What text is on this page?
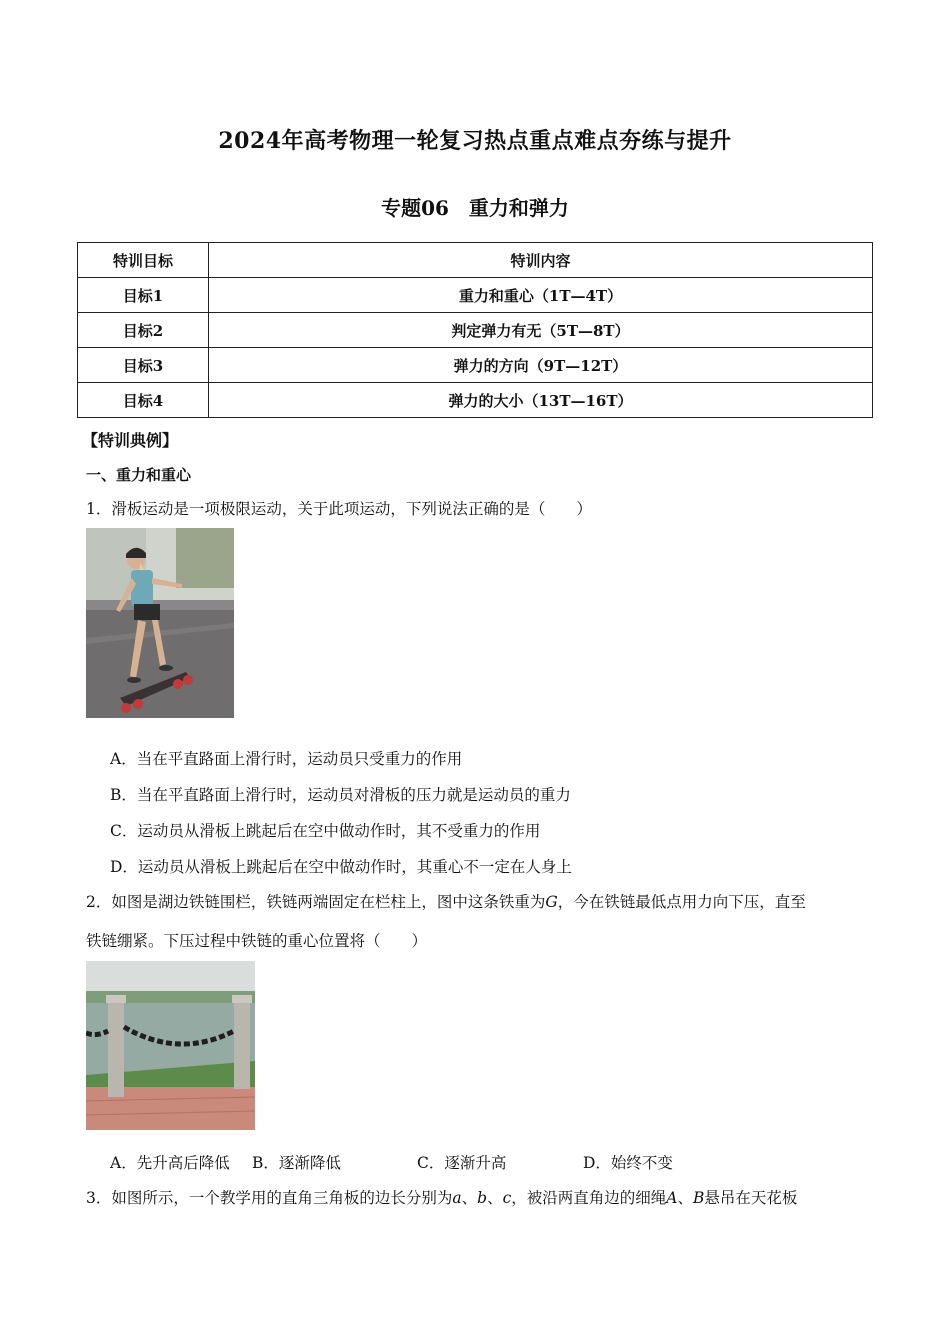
2024年高考物理一轮复习热点重点难点夯练与提升
专题06　重力和弹力
特训目标	特训内容
目标1	重力和重心（1T—4T）
目标2	判定弹力有无（5T—8T）
目标3	弹力的方向（9T—12T）
目标4	弹力的大小（13T—16T）
【特训典例】
一、重力和重心
1．滑板运动是一项极限运动，关于此项运动，下列说法正确的是（　　）
A．当在平直路面上滑行时，运动员只受重力的作用
B．当在平直路面上滑行时，运动员对滑板的压力就是运动员的重力
C．运动员从滑板上跳起后在空中做动作时，其不受重力的作用
D．运动员从滑板上跳起后在空中做动作时，其重心不一定在人身上
2．如图是湖边铁链围栏，铁链两端固定在栏柱上，图中这条铁重为G，今在铁链最低点用力向下压，直至
铁链绷紧。下压过程中铁链的重心位置将（　　）
A．先升高后降低 B．逐渐降低	C．逐渐升高	D．始终不变
3．如图所示，一个教学用的直角三角板的边长分别为a、b、c，被沿两直角边的细绳A、B悬吊在天花板
